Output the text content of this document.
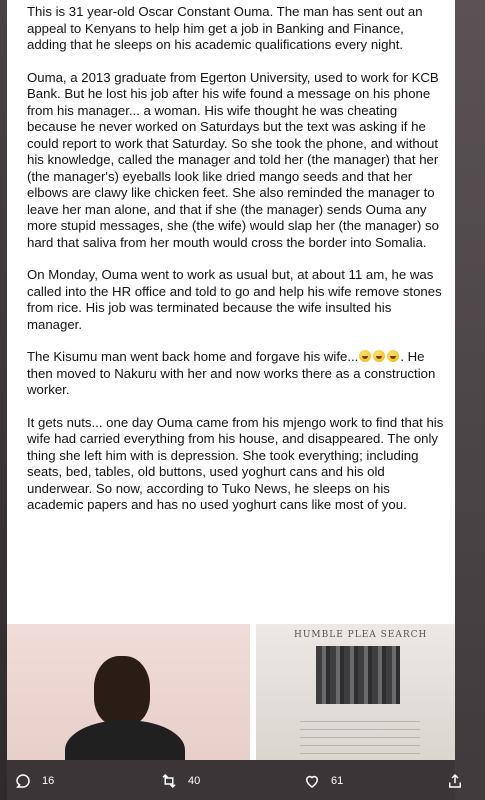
This is 31 year-old Oscar Constant Ouma. The man has sent out an appeal to Kenyans to help him get a job in Banking and Finance, adding that he sleeps on his academic qualifications every night.

Ouma, a 2013 graduate from Egerton University, used to work for KCB Bank. But he lost his job after his wife found a message on his phone from his manager... a woman. His wife thought he was cheating because he never worked on Saturdays but the text was asking if he could report to work that Saturday. So she took the phone, and without his knowledge, called the manager and told her (the manager) that her (the manager's) eyeballs look like dried mango seeds and that her elbows are clawy like chicken feet. She also reminded the manager to leave her man alone, and that if she (the manager) sends Ouma any more stupid messages, she (the wife) would slap her (the manager) so hard that saliva from her mouth would cross the border into Somalia.

On Monday, Ouma went to work as usual but, at about 11 am, he was called into the HR office and told to go and help his wife remove stones from rice. His job was terminated because the wife insulted his manager.

The Kisumu man went back home and forgave his wife...	. He then moved to Nakuru with her and now works there as a construction worker.

It gets nuts... one day Ouma came from his mjengo work to find that his wife had carried everything from his house, and disappeared. The only thing she left him with is depression. She took everything; including seats, bed, tables, old buttons, used yoghurt cans and his old underwear. So now, according to Tuko News, he sleeps on his academic papers and has no used yoghurt cans like most of you.

HUMBLE PLEA SEARCH
16	40	61
